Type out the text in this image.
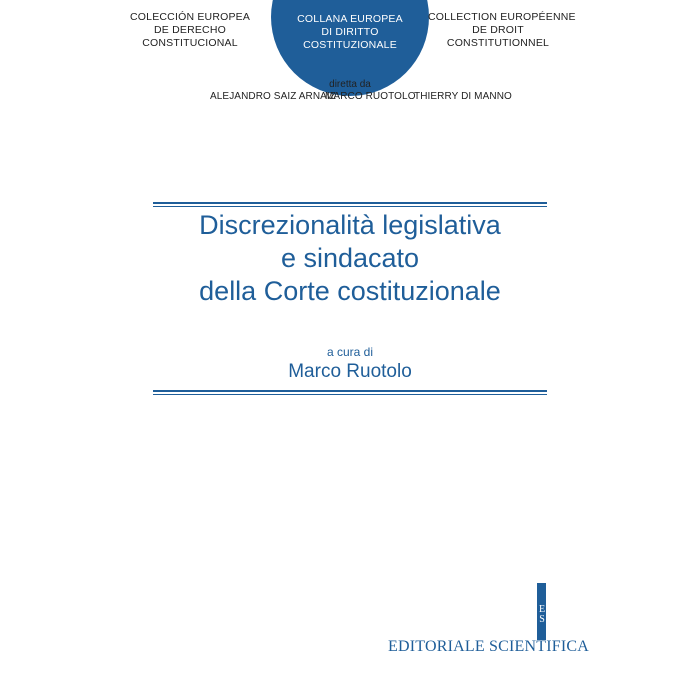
COLECCIÓN EUROPEA
DE DERECHO
CONSTITUCIONAL
COLLANA EUROPEA
DI DIRITTO
COSTITUZIONALE
COLLECTION EUROPÉENNE
DE DROIT
CONSTITUTIONNEL
diretta da
ALEJANDRO SAIZ ARNAIZ
MARCO RUOTOLO
THIERRY DI MANNO
Discrezionalità legislativa
e sindacato
della Corte costituzionale
a cura di
Marco Ruotolo
E
S
EDITORIALE SCIENTIFICA
